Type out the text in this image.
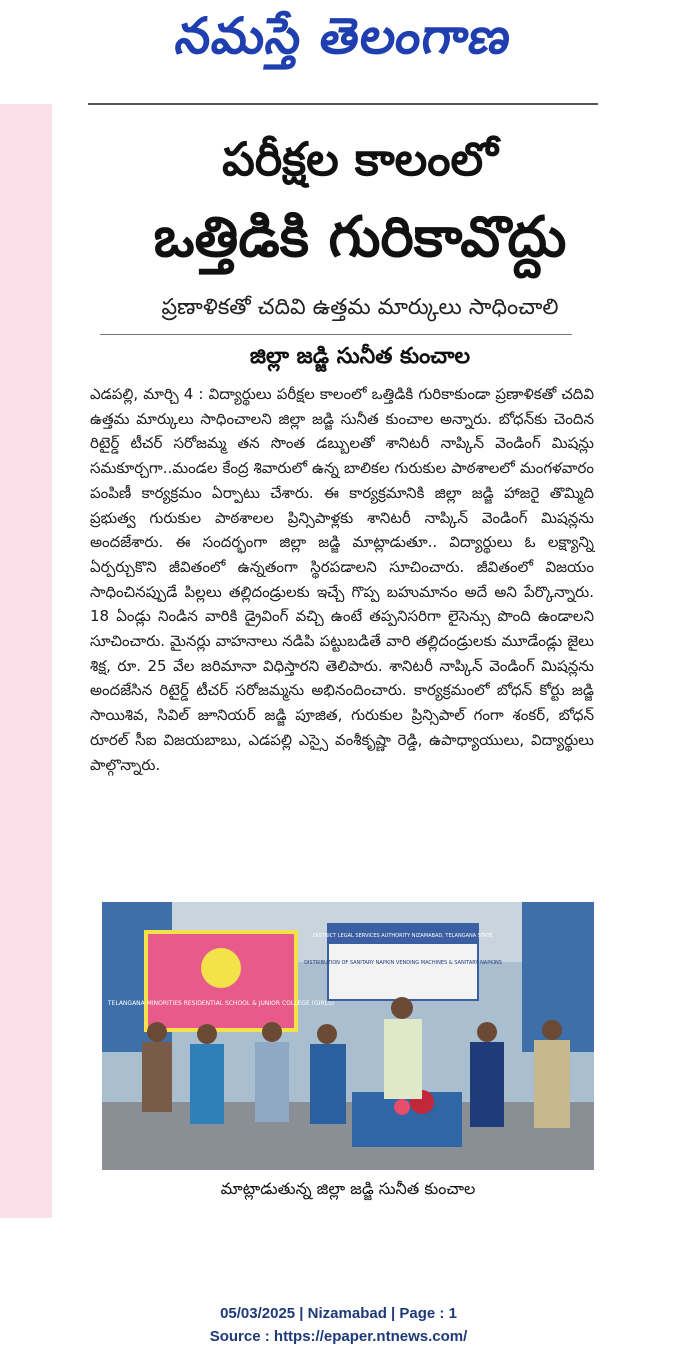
నమస్తే తెలంగాణ
పరీక్షల కాలంలో
ఒత్తిడికి గురికావొద్దు
ప్రణాళికతో చదివి ఉత్తమ మార్కులు సాధించాలి
జిల్లా జడ్జి సునీత కుంచాల

ఎడపల్లి, మార్చి 4 : విద్యార్థులు పరీక్షల కాలంలో ఒత్తిడికి గురికాకుండా ప్రణాళికతో చదివి ఉత్తమ మార్కులు సాధించాలని జిల్లా జడ్జి సునీత కుంచాల అన్నారు. బోధన్‌కు చెందిన రిటైర్డ్ టీచర్ సరోజమ్మ తన సొంత డబ్బులతో శానిటరీ నాప్కిన్ వెండింగ్ మిషన్లు సమకూర్చగా..మండల కేంద్ర శివారులో ఉన్న బాలికల గురుకుల పాఠశాలలో మంగళవారం పంపిణీ కార్యక్రమం ఏర్పాటు చేశారు. ఈ కార్యక్రమానికి జిల్లా జడ్జి హాజరై తొమ్మిది ప్రభుత్వ గురుకుల పాఠశాలల ప్రిన్సిపాళ్లకు శానిటరీ నాప్కిన్ వెండింగ్ మిషన్లను అందజేశారు. ఈ సందర్భంగా జిల్లా జడ్జి మాట్లాడుతూ.. విద్యార్థులు ఓ లక్ష్యాన్ని ఏర్పర్చుకొని జీవితంలో ఉన్నతంగా స్థిరపడాలని సూచించారు. జీవితంలో విజయం సాధించినప్పుడే పిల్లలు తల్లిదండ్రులకు ఇచ్చే గొప్ప బహుమానం అదే అని పేర్కొన్నారు. 18 ఏండ్లు నిండిన వారికి డ్రైవింగ్ వచ్చి ఉంటే తప్పనిసరిగా లైసెన్సు పొంది ఉండాలని సూచించారు. మైనర్లు వాహనాలు నడిపి పట్టుబడితే వారి తల్లిదండ్రులకు మూడేండ్లు జైలు శిక్ష, రూ. 25 వేల జరిమానా విధిస్తారని తెలిపారు. శానిటరీ నాప్కిన్ వెండింగ్ మిషన్లను అందజేసిన రిటైర్డ్ టీచర్ సరోజమ్మను అభినందించారు. కార్యక్రమంలో బోధన్ కోర్టు జడ్జి సాయిశివ, సివిల్ జూనియర్ జడ్జి పూజిత, గురుకుల ప్రిన్సిపాల్ గంగా శంకర్, బోధన్ రూరల్ సీఐ విజయబాబు, ఎడపల్లి ఎస్సై వంశీకృష్ణా రెడ్డి, ఉపాధ్యాయులు, విద్యార్థులు పాల్గొన్నారు.

TELANGANA MINORITIES RESIDENTIAL SCHOOL & JUNIOR COLLEGE (GIRLS)
DISTRICT LEGAL SERVICES AUTHORITY NIZAMABAD, TELANGANA STATE
DISTRIBUTION OF SANITARY NAPKIN VENDING MACHINES & SANITARY NAPKINS
మాట్లాడుతున్న జిల్లా జడ్జి సునీత కుంచాల
05/03/2025 | Nizamabad | Page : 1
Source : https://epaper.ntnews.com/
